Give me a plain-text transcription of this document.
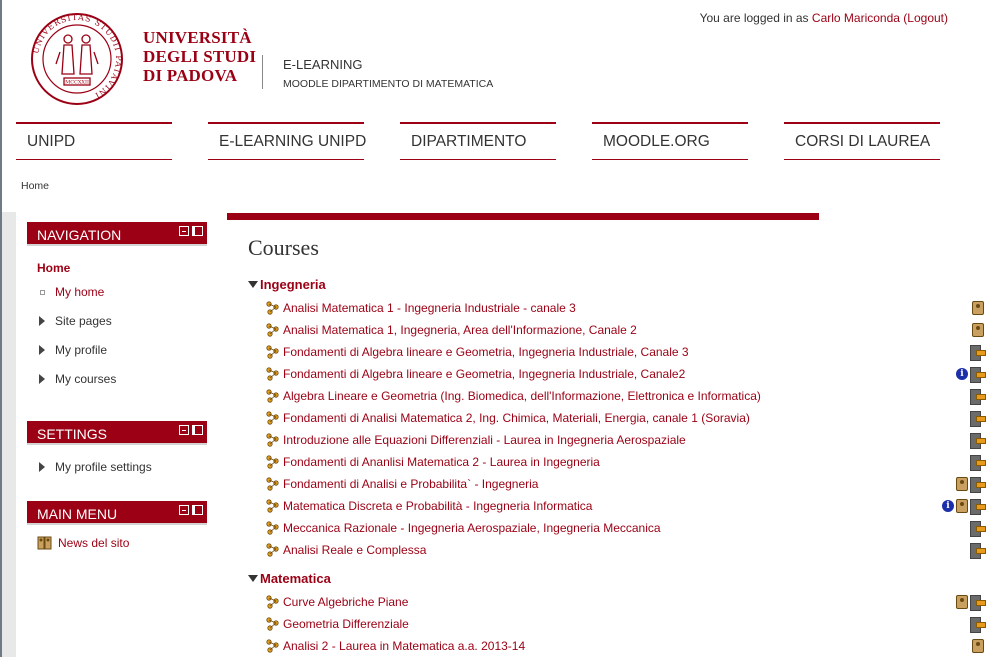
UNIVERSITAS STUDII PATAVINI
MCCXXII
UNIVERSITÀ
DEGLI STUDI
DI PADOVA
E-LEARNING
MOODLE DIPARTIMENTO DI MATEMATICA
You are logged in as Carlo Mariconda (Logout)
UNIPD	E-LEARNING UNIPD	DIPARTIMENTO	MOODLE.ORG	CORSI DI LAUREA
Home
NAVIGATION
Home
My home
Site pages
My profile
My courses
SETTINGS
My profile settings
MAIN MENU
News del sito
Courses
Ingegneria
Analisi Matematica 1 - Ingegneria Industriale - canale 3
Analisi Matematica 1, Ingegneria, Area dell'Informazione, Canale 2
Fondamenti di Algebra lineare e Geometria, Ingegneria Industriale, Canale 3
Fondamenti di Algebra lineare e Geometria, Ingegneria Industriale, Canale2	i
Algebra Lineare e Geometria (Ing. Biomedica, dell'Informazione, Elettronica e Informatica)
Fondamenti di Analisi Matematica 2, Ing. Chimica, Materiali, Energia, canale 1 (Soravia)
Introduzione alle Equazioni Differenziali - Laurea in Ingegneria Aerospaziale
Fondamenti di Ananlisi Matematica 2 - Laurea in Ingegneria
Fondamenti di Analisi e Probabilita` - Ingegneria
Matematica Discreta e Probabilità - Ingegneria Informatica	i
Meccanica Razionale - Ingegneria Aerospaziale, Ingegneria Meccanica
Analisi Reale e Complessa
Matematica
Curve Algebriche Piane
Geometria Differenziale
Analisi 2 - Laurea in Matematica a.a. 2013-14
